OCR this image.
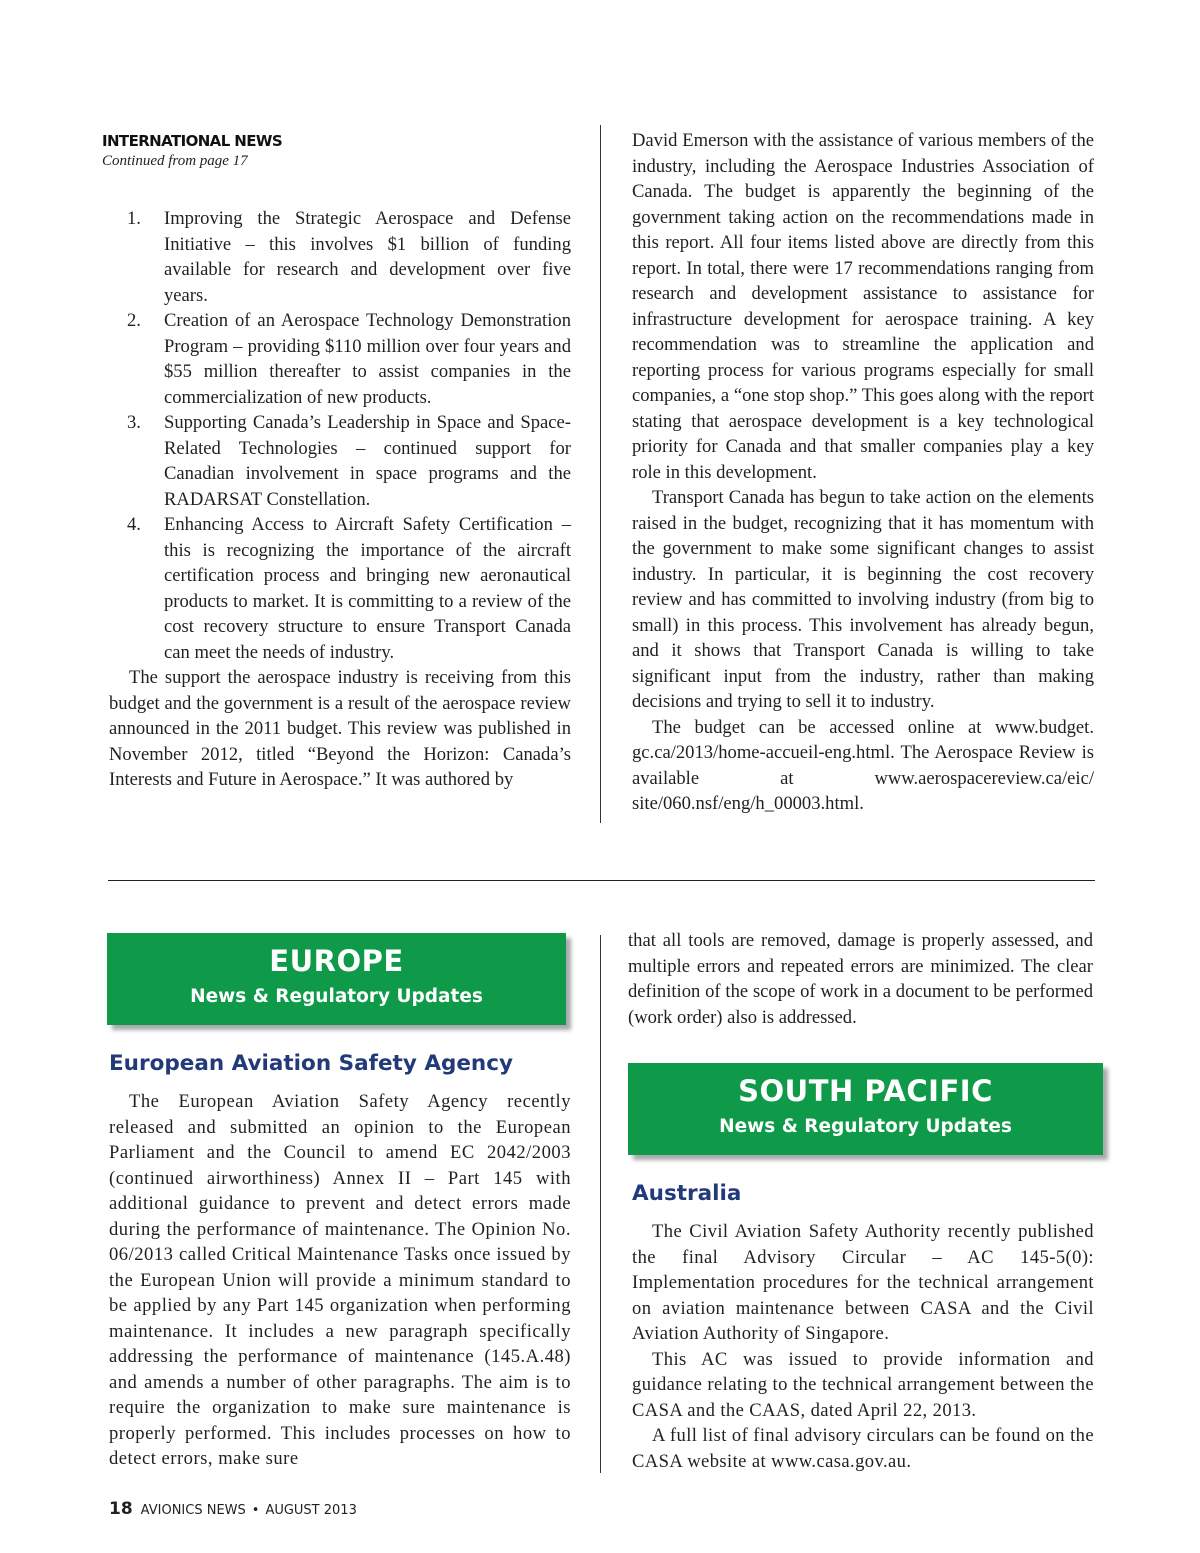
INTERNATIONAL NEWS
Continued from page 17
1. Improving the Strategic Aerospace and Defense Initiative – this involves $1 billion of funding available for research and development over five years.
2. Creation of an Aerospace Technology Demonstration Program – providing $110 million over four years and $55 million thereafter to assist companies in the commercialization of new products.
3. Supporting Canada’s Leadership in Space and Space-Related Technologies – continued support for Canadian involvement in space programs and the RADARSAT Constellation.
4. Enhancing Access to Aircraft Safety Certification – this is recognizing the importance of the aircraft certification process and bringing new aeronautical products to market. It is committing to a review of the cost recovery structure to ensure Transport Canada can meet the needs of industry.

The support the aerospace industry is receiving from this budget and the government is a result of the aerospace review announced in the 2011 budget. This review was published in November 2012, titled “Beyond the Horizon: Canada’s Interests and Future in Aerospace.” It was authored by

David Emerson with the assistance of various members of the industry, including the Aerospace Industries Association of Canada. The budget is apparently the beginning of the government taking action on the recommendations made in this report. All four items listed above are directly from this report. In total, there were 17 recommendations ranging from research and development assistance to assistance for infrastructure development for aerospace training. A key recommendation was to streamline the application and reporting process for various programs especially for small companies, a “one stop shop.” This goes along with the report stating that aerospace development is a key technological priority for Canada and that smaller companies play a key role in this development.

Transport Canada has begun to take action on the elements raised in the budget, recognizing that it has momentum with the government to make some significant changes to assist industry. In particular, it is beginning the cost recovery review and has committed to involving industry (from big to small) in this process. This involvement has already begun, and it shows that Transport Canada is willing to take significant input from the industry, rather than making decisions and trying to sell it to industry.

The budget can be accessed online at www.budget. gc.ca/2013/home-accueil-eng.html. The Aerospace Review is available at www.aerospacereview.ca/eic/ site/060.nsf/eng/h_00003.html.

EUROPE
News & Regulatory Updates
European Aviation Safety Agency

The European Aviation Safety Agency recently released and submitted an opinion to the European Parliament and the Council to amend EC 2042/2003 (continued airworthiness) Annex II – Part 145 with additional guidance to prevent and detect errors made during the performance of maintenance. The Opinion No. 06/2013 called Critical Maintenance Tasks once issued by the European Union will provide a minimum standard to be applied by any Part 145 organization when performing maintenance. It includes a new paragraph specifically addressing the performance of maintenance (145.A.48) and amends a number of other paragraphs. The aim is to require the organization to make sure maintenance is properly performed. This includes processes on how to detect errors, make sure

that all tools are removed, damage is properly assessed, and multiple errors and repeated errors are minimized. The clear definition of the scope of work in a document to be performed (work order) also is addressed.

SOUTH PACIFIC
News & Regulatory Updates
Australia

The Civil Aviation Safety Authority recently published the final Advisory Circular – AC 145-5(0): Implementation procedures for the technical arrangement on aviation maintenance between CASA and the Civil Aviation Authority of Singapore.

This AC was issued to provide information and guidance relating to the technical arrangement between the CASA and the CAAS, dated April 22, 2013.

A full list of final advisory circulars can be found on the CASA website at www.casa.gov.au.

18 AVIONICS NEWS • AUGUST 2013
